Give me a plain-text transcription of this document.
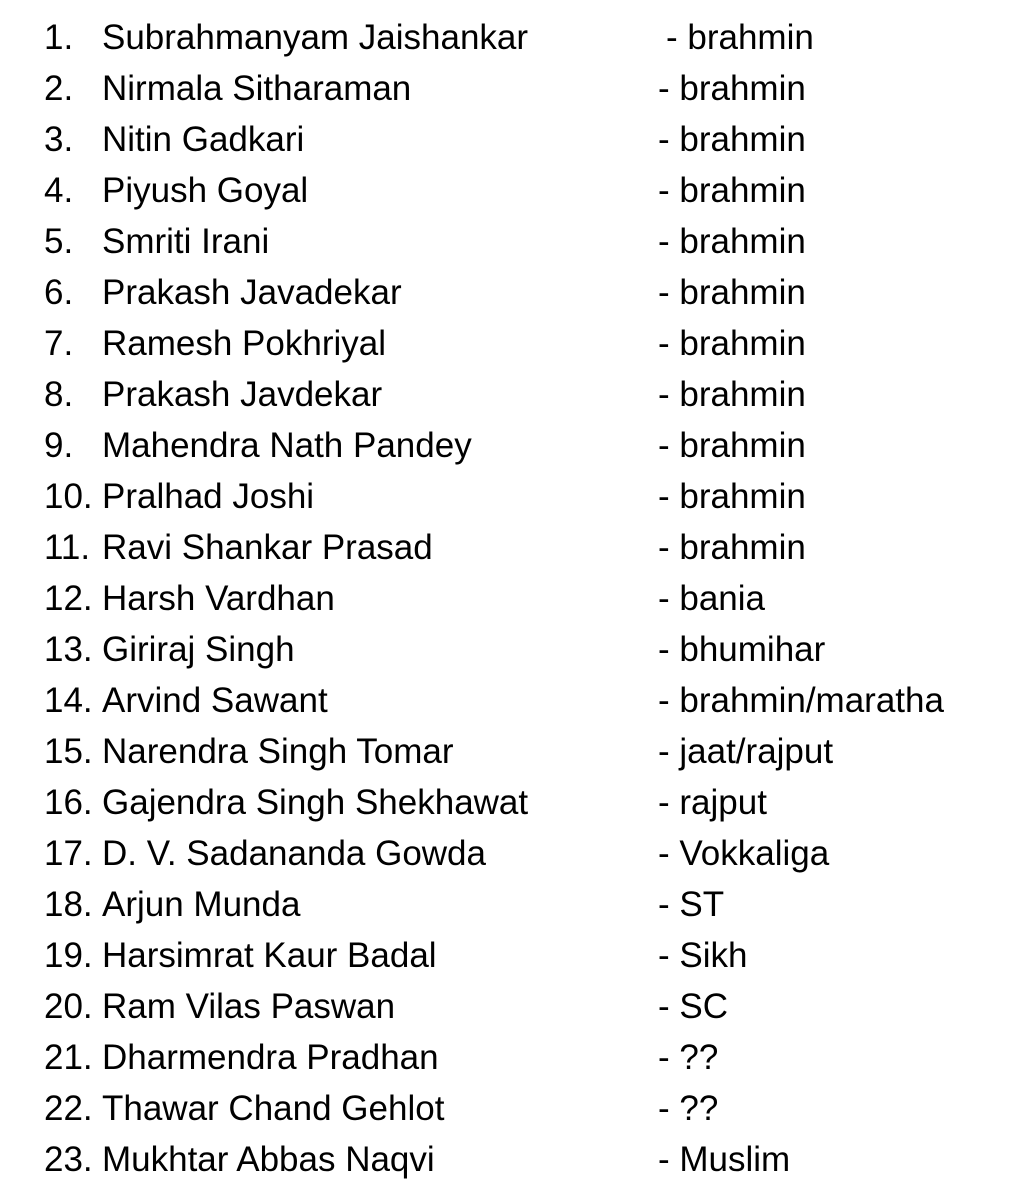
1. Subrahmanyam Jaishankar	- brahmin
2. Nirmala Sitharaman	- brahmin
3. Nitin Gadkari	- brahmin
4. Piyush Goyal	- brahmin
5. Smriti Irani	- brahmin
6. Prakash Javadekar	- brahmin
7. Ramesh Pokhriyal	- brahmin
8. Prakash Javdekar	- brahmin
9. Mahendra Nath Pandey	- brahmin
10. Pralhad Joshi	- brahmin
11. Ravi Shankar Prasad	- brahmin
12. Harsh Vardhan	- bania
13. Giriraj Singh	- bhumihar
14. Arvind Sawant	- brahmin/maratha
15. Narendra Singh Tomar	- jaat/rajput
16. Gajendra Singh Shekhawat	- rajput
17. D. V. Sadananda Gowda	- Vokkaliga
18. Arjun Munda	- ST
19. Harsimrat Kaur Badal	- Sikh
20. Ram Vilas Paswan	- SC
21. Dharmendra Pradhan	- ??
22. Thawar Chand Gehlot	- ??
23. Mukhtar Abbas Naqvi	- Muslim
